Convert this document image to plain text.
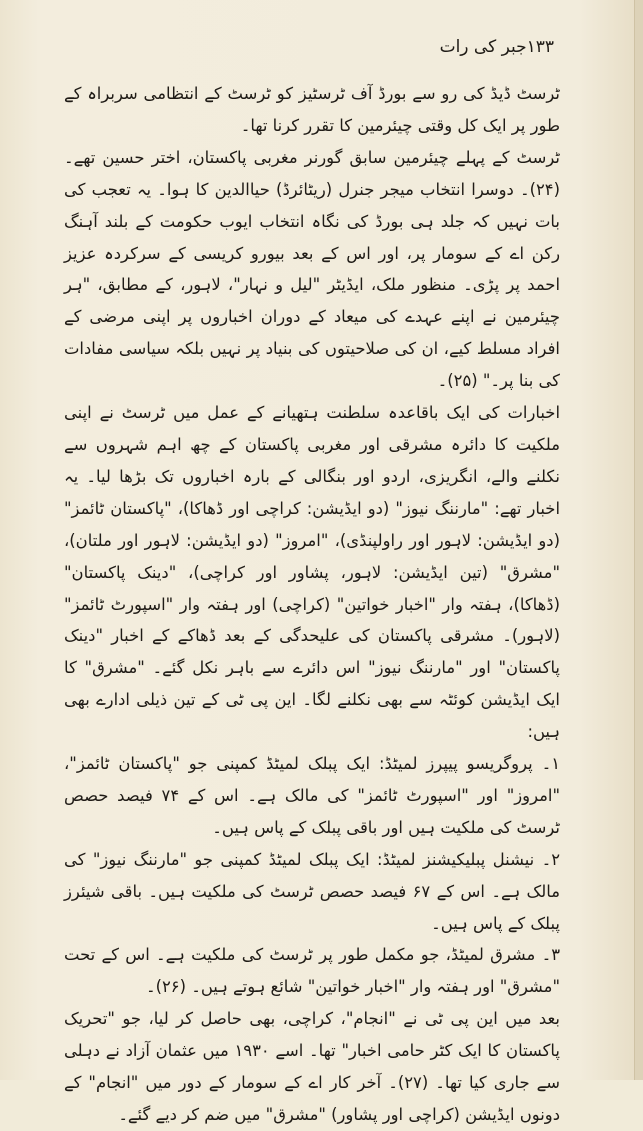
۱۳۳
جبر کی رات

ٹرسٹ ڈیڈ کی رو سے بورڈ آف ٹرسٹیز کو ٹرسٹ کے انتظامی سربراہ کے طور پر ایک کل وقتی چیئرمین کا تقرر کرنا تھا۔

ٹرسٹ کے پہلے چیئرمین سابق گورنر مغربی پاکستان، اختر حسین تھے۔ (۲۴)۔ دوسرا انتخاب میجر جنرل (ریٹائرڈ) حیاالدین کا ہوا۔ یہ تعجب کی بات نہیں کہ جلد ہی بورڈ کی نگاہ انتخاب ایوب حکومت کے بلند آہنگ رکن اے کے سومار پر، اور اس کے بعد بیورو کریسی کے سرکردہ عزیز احمد پر پڑی۔ منظور ملک، ایڈیٹر "لیل و نہار"، لاہور، کے مطابق، "ہر چیئرمین نے اپنے عہدے کی میعاد کے دوران اخباروں پر اپنی مرضی کے افراد مسلط کیے، ان کی صلاحیتوں کی بنیاد پر نہیں بلکہ سیاسی مفادات کی بنا پر۔" (۲۵)۔

اخبارات کی ایک باقاعدہ سلطنت ہتھیانے کے عمل میں ٹرسٹ نے اپنی ملکیت کا دائرہ مشرقی اور مغربی پاکستان کے چھ اہم شہروں سے نکلنے والے، انگریزی، اردو اور بنگالی کے بارہ اخباروں تک بڑھا لیا۔ یہ اخبار تھے: "مارننگ نیوز" (دو ایڈیشن: کراچی اور ڈھاکا)، "پاکستان ٹائمز" (دو ایڈیشن: لاہور اور راولپنڈی)، "امروز" (دو ایڈیشن: لاہور اور ملتان)، "مشرق" (تین ایڈیشن: لاہور، پشاور اور کراچی)، "دینک پاکستان" (ڈھاکا)، ہفتہ وار "اخبار خواتین" (کراچی) اور ہفتہ وار "اسپورٹ ٹائمز" (لاہور)۔ مشرقی پاکستان کی علیحدگی کے بعد ڈھاکے کے اخبار "دینک پاکستان" اور "مارننگ نیوز" اس دائرے سے باہر نکل گئے۔ "مشرق" کا ایک ایڈیشن کوئٹہ سے بھی نکلنے لگا۔ این پی ٹی کے تین ذیلی ادارے بھی ہیں:

۱۔ پروگریسو پیپرز لمیٹڈ: ایک پبلک لمیٹڈ کمپنی جو "پاکستان ٹائمز"، "امروز" اور "اسپورٹ ٹائمز" کی مالک ہے۔ اس کے ۷۴ فیصد حصص ٹرسٹ کی ملکیت ہیں اور باقی پبلک کے پاس ہیں۔

۲۔ نیشنل پبلیکیشنز لمیٹڈ: ایک پبلک لمیٹڈ کمپنی جو "مارننگ نیوز" کی مالک ہے۔ اس کے ۶۷ فیصد حصص ٹرسٹ کی ملکیت ہیں۔ باقی شیئرز پبلک کے پاس ہیں۔

۳۔ مشرق لمیٹڈ، جو مکمل طور پر ٹرسٹ کی ملکیت ہے۔ اس کے تحت "مشرق" اور ہفتہ وار "اخبار خواتین" شائع ہوتے ہیں۔ (۲۶)۔

بعد میں این پی ٹی نے "انجام"، کراچی، بھی حاصل کر لیا، جو "تحریک پاکستان کا ایک کٹر حامی اخبار" تھا۔ اسے ۱۹۳۰ میں عثمان آزاد نے دہلی سے جاری کیا تھا۔ (۲۷)۔ آخر کار اے کے سومار کے دور میں "انجام" کے دونوں ایڈیشن (کراچی اور پشاور) "مشرق" میں ضم کر دیے گئے۔
